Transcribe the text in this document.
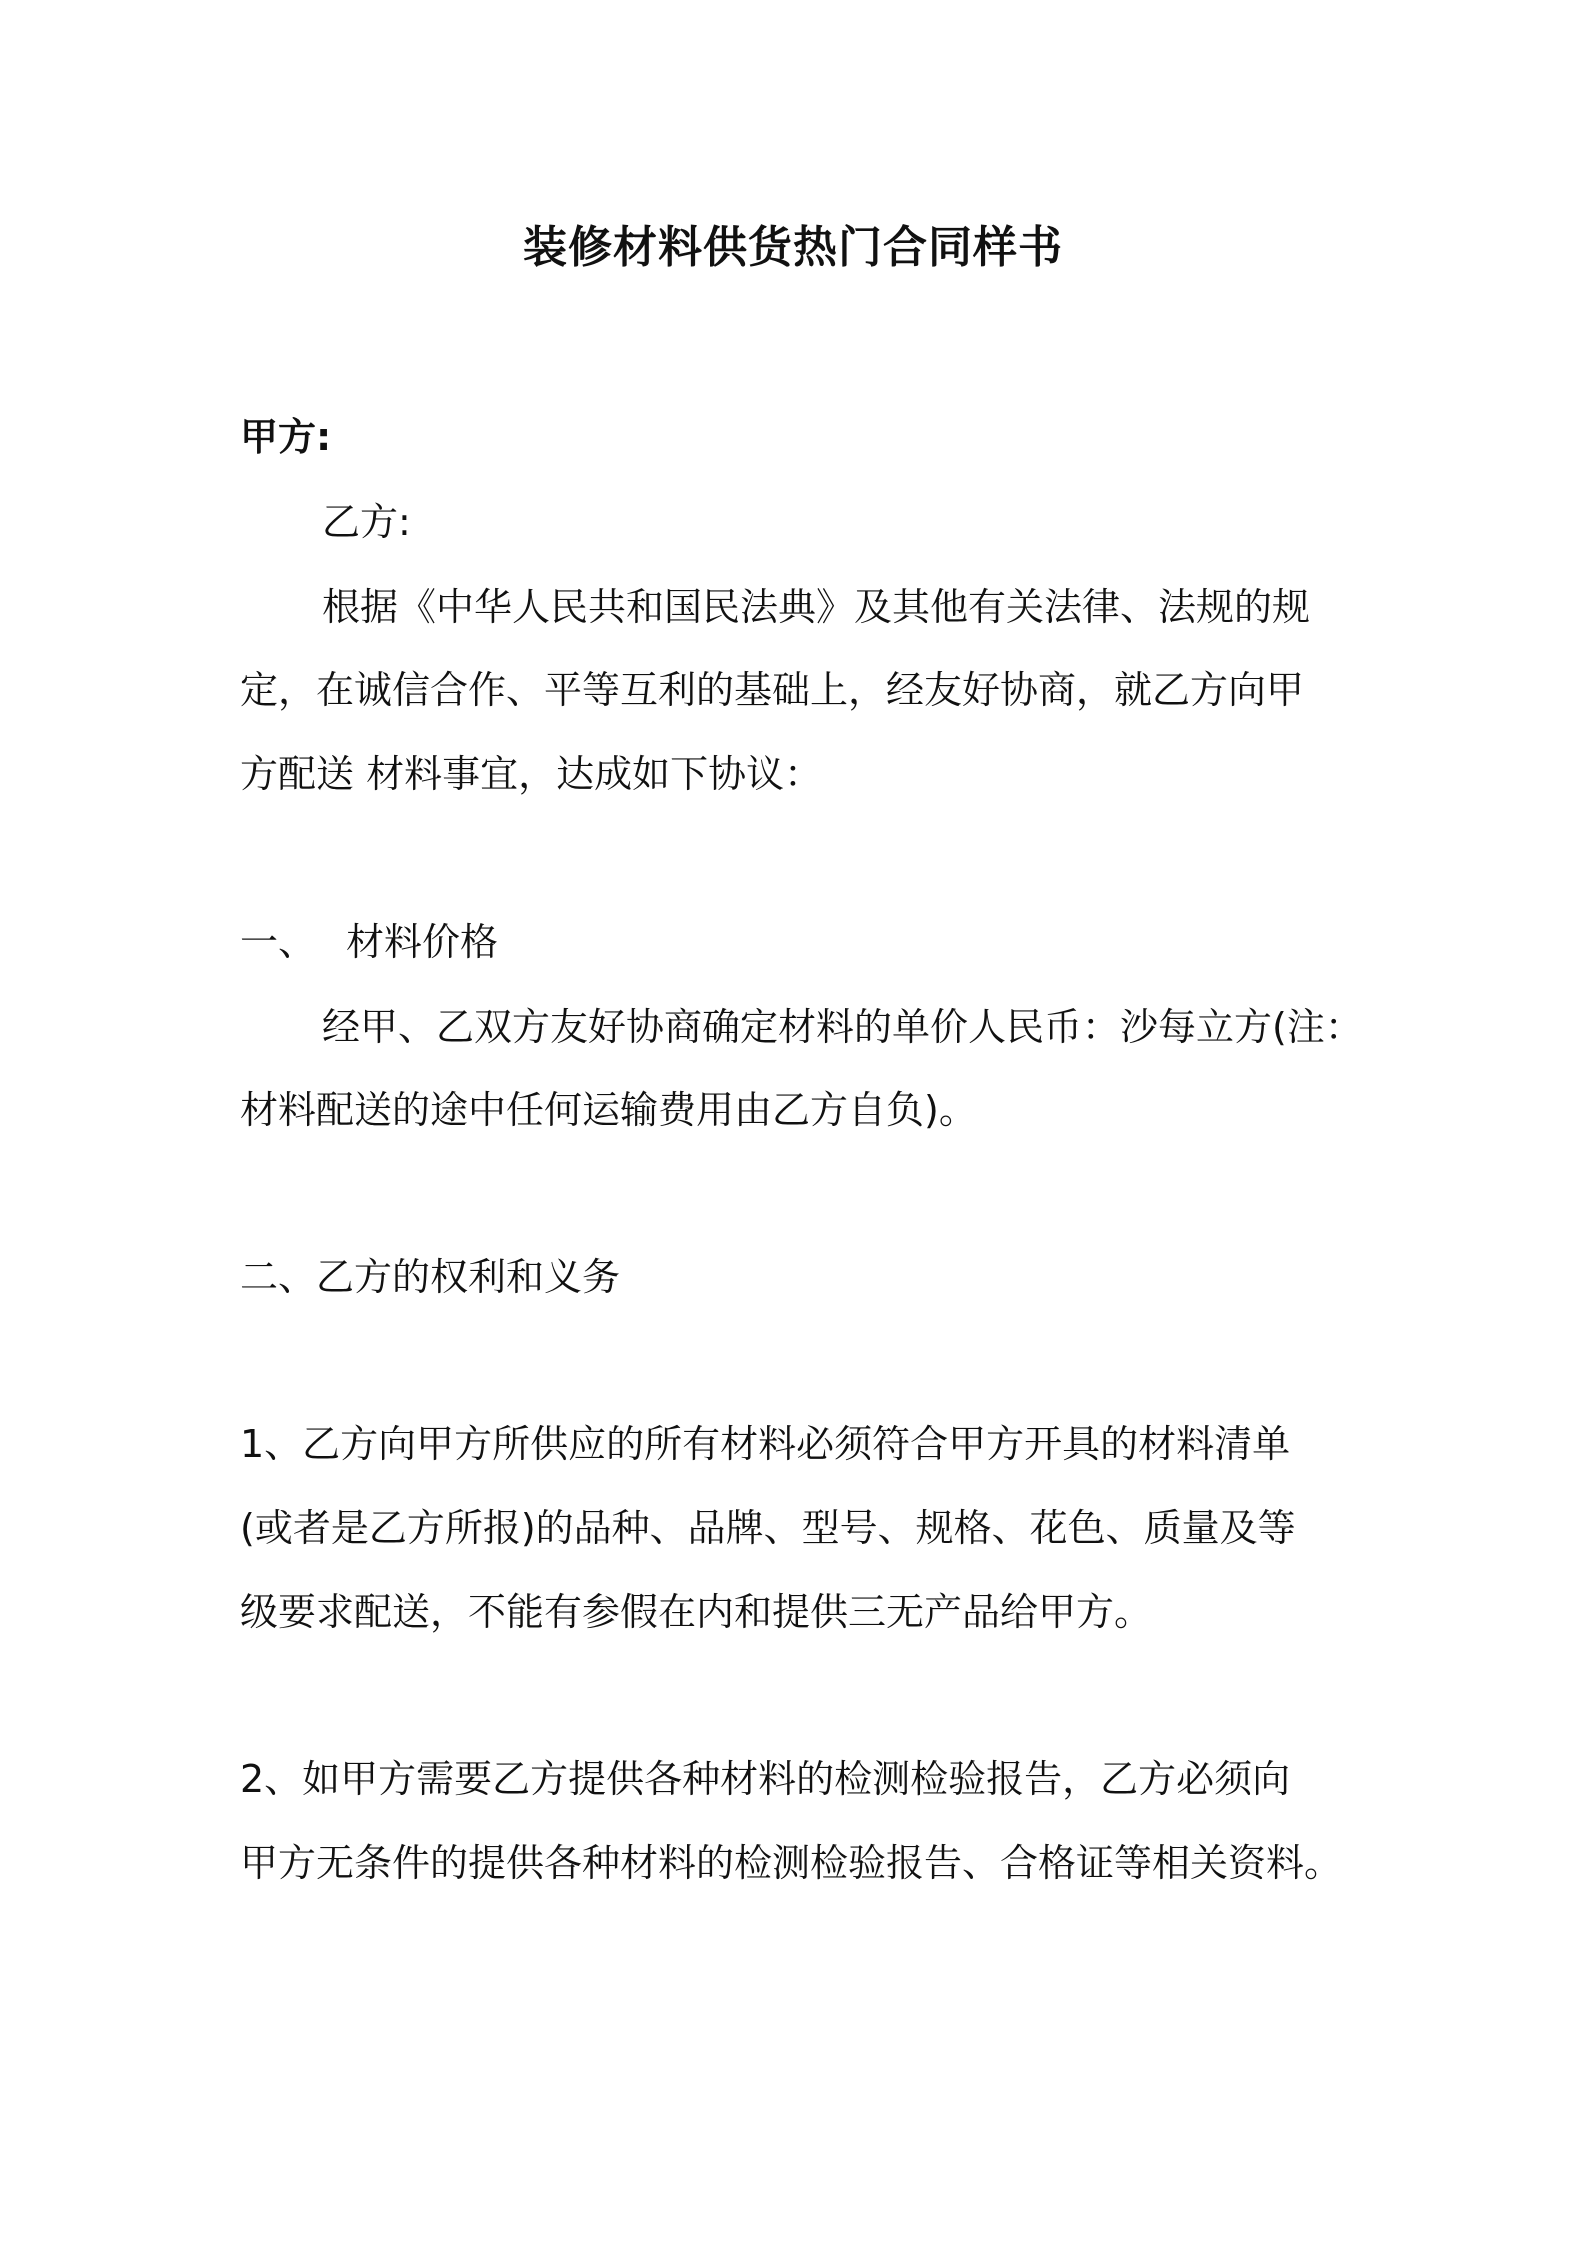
装修材料供货热门合同样书
甲方:
乙方:
根据《中华人民共和国民法典》及其他有关法律、法规的规
定，在诚信合作、平等互利的基础上，经友好协商，就乙方向甲
方配送 材料事宜，达成如下协议：
一、 材料价格
经甲、乙双方友好协商确定材料的单价人民币：沙每立方(注：
材料配送的途中任何运输费用由乙方自负)。
二、乙方的权利和义务
1、乙方向甲方所供应的所有材料必须符合甲方开具的材料清单
(或者是乙方所报)的品种、品牌、型号、规格、花色、质量及等
级要求配送，不能有参假在内和提供三无产品给甲方。
2、如甲方需要乙方提供各种材料的检测检验报告，乙方必须向
甲方无条件的提供各种材料的检测检验报告、合格证等相关资料。
